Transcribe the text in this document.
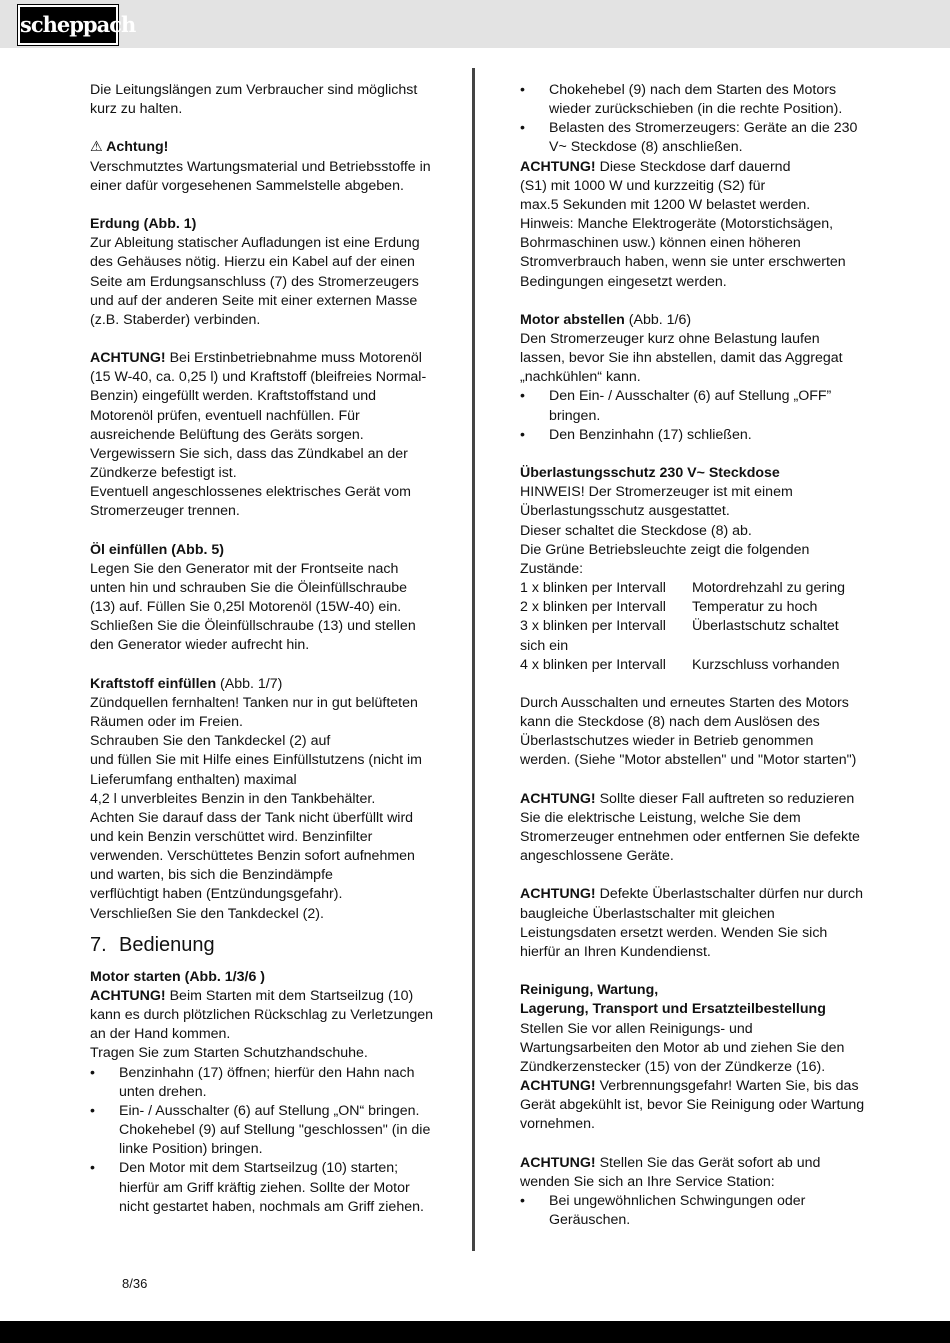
scheppach

Die Leitungslängen zum Verbraucher sind möglichst kurz zu halten.

⚠ Achtung!

Verschmutztes Wartungsmaterial und Betriebsstoffe in einer dafür vorgesehenen Sammelstelle abgeben.

Erdung (Abb. 1)

Zur Ableitung statischer Aufladungen ist eine Erdung des Gehäuses nötig. Hierzu ein Kabel auf der einen Seite am Erdungsanschluss (7) des Stromerzeugers und auf der anderen Seite mit einer externen Masse (z.B. Staberder) verbinden.

ACHTUNG! Bei Erstinbetriebnahme muss Motorenöl (15 W-40, ca. 0,25 l) und Kraftstoff (bleifreies Normal-Benzin) eingefüllt werden. Kraftstoffstand und Motorenöl prüfen, eventuell nachfüllen. Für ausreichende Belüftung des Geräts sorgen. Vergewissern Sie sich, dass das Zündkabel an der Zündkerze befestigt ist.

Eventuell angeschlossenes elektrisches Gerät vom Stromerzeuger trennen.

Öl einfüllen (Abb. 5)

Legen Sie den Generator mit der Frontseite nach unten hin und schrauben Sie die Öleinfüllschraube (13) auf. Füllen Sie 0,25l Motorenöl (15W-40) ein. Schließen Sie die Öleinfüllschraube (13) und stellen den Generator wieder aufrecht hin.

Kraftstoff einfüllen (Abb. 1/7)

Zündquellen fernhalten! Tanken nur in gut belüfteten Räumen oder im Freien.

Schrauben Sie den Tankdeckel (2) auf

und füllen Sie mit Hilfe eines Einfüllstutzens (nicht im Lieferumfang enthalten) maximal

4,2 l unverbleites Benzin in den Tankbehälter.

Achten Sie darauf dass der Tank nicht überfüllt wird und kein Benzin verschüttet wird. Benzinfilter verwenden. Verschüttetes Benzin sofort aufnehmen und warten, bis sich die Benzindämpfe

verflüchtigt haben (Entzündungsgefahr).

Verschließen Sie den Tankdeckel (2).

7. Bedienung

Motor starten (Abb. 1/3/6 )

ACHTUNG! Beim Starten mit dem Startseilzug (10) kann es durch plötzlichen Rückschlag zu Verletzungen an der Hand kommen.

Tragen Sie zum Starten Schutzhandschuhe.

•	Benzinhahn (17) öffnen; hierfür den Hahn nach unten drehen.
•	Ein- / Ausschalter (6) auf Stellung „ON“ bringen. Chokehebel (9) auf Stellung "geschlossen" (in die linke Position) bringen.
•	Den Motor mit dem Startseilzug (10) starten; hierfür am Griff kräftig ziehen. Sollte der Motor nicht gestartet haben, nochmals am Griff ziehen.
•	Chokehebel (9) nach dem Starten des Motors wieder zurückschieben (in die rechte Position).
•	Belasten des Stromerzeugers: Geräte an die 230 V~ Steckdose (8) anschließen.

ACHTUNG! Diese Steckdose darf dauernd

(S1) mit 1000 W und kurzzeitig (S2) für

max.5 Sekunden mit 1200 W belastet werden.

Hinweis: Manche Elektrogeräte (Motorstichsägen, Bohrmaschinen usw.) können einen höheren Stromverbrauch haben, wenn sie unter erschwerten Bedingungen eingesetzt werden.

Motor abstellen (Abb. 1/6)

Den Stromerzeuger kurz ohne Belastung laufen lassen, bevor Sie ihn abstellen, damit das Aggregat „nachkühlen“ kann.

•	Den Ein- / Ausschalter (6) auf Stellung „OFF” bringen.
•	Den Benzinhahn (17) schließen.

Überlastungsschutz 230 V~ Steckdose

HINWEIS! Der Stromerzeuger ist mit einem Überlastungsschutz ausgestattet.

Dieser schaltet die Steckdose (8) ab.

Die Grüne Betriebsleuchte zeigt die folgenden Zustände:

1 x blinken per Intervall	Motordrehzahl zu gering
2 x blinken per Intervall	Temperatur zu hoch
3 x blinken per Intervall	Überlastschutz schaltet

sich ein

4 x blinken per Intervall	Kurzschluss vorhanden

Durch Ausschalten und erneutes Starten des Motors kann die Steckdose (8) nach dem Auslösen des Überlastschutzes wieder in Betrieb genommen werden. (Siehe "Motor abstellen" und "Motor starten")

ACHTUNG! Sollte dieser Fall auftreten so reduzieren Sie die elektrische Leistung, welche Sie dem Stromerzeuger entnehmen oder entfernen Sie defekte angeschlossene Geräte.

ACHTUNG! Defekte Überlastschalter dürfen nur durch baugleiche Überlastschalter mit gleichen Leistungsdaten ersetzt werden. Wenden Sie sich hierfür an Ihren Kundendienst.

Reinigung, Wartung,

Lagerung, Transport und Ersatzteilbestellung

Stellen Sie vor allen Reinigungs- und Wartungsarbeiten den Motor ab und ziehen Sie den Zündkerzenstecker (15) von der Zündkerze (16).

ACHTUNG! Verbrennungsgefahr! Warten Sie, bis das Gerät abgekühlt ist, bevor Sie Reinigung oder Wartung vornehmen.

ACHTUNG! Stellen Sie das Gerät sofort ab und wenden Sie sich an Ihre Service Station:

•	Bei ungewöhnlichen Schwingungen oder Geräuschen.
8/36
